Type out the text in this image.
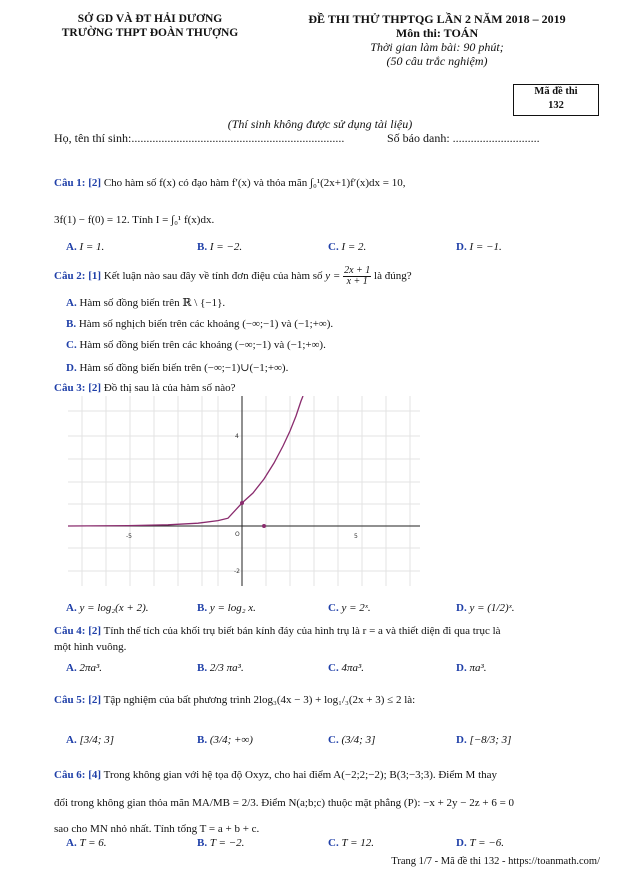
SỞ GD VÀ ĐT HẢI DƯƠNG
TRƯỜNG THPT ĐOÀN THƯỢNG
ĐỀ THI THỬ THPTQG LẦN 2 NĂM 2018 – 2019
Môn thi: TOÁN
Thời gian làm bài: 90 phút;
(50 câu trắc nghiệm)
Mã đề thi
132
(Thí sinh không được sử dụng tài liệu)
Họ, tên thí sinh:.......................................................................	Số báo danh: .............................
Câu 1: [2] Cho hàm số f(x) có đạo hàm f′(x) và thỏa mãn ∫₀¹(2x+1)f′(x)dx = 10,
3f(1) − f(0) = 12. Tính I = ∫₀¹ f(x)dx.
A. I = 1.	B. I = −2.	C. I = 2.	D. I = −1.
Câu 2: [1] Kết luận nào sau đây về tính đơn điệu của hàm số $y = \frac{2x + 1}{x + 1}$ là đúng?
A. Hàm số đồng biến trên ℝ \ {−1}.
B. Hàm số nghịch biến trên các khoảng (−∞;−1) và (−1;+∞).
C. Hàm số đồng biến trên các khoảng (−∞;−1) và (−1;+∞).
D. Hàm số đồng biến biến trên (−∞;−1)∪(−1;+∞).
Câu 3: [2] Đồ thị sau là của hàm số nào?
-5	5
4
-2
O
A. y = log₂(x + 2).	B. y = log₂ x.	C. y = 2ˣ.	D. y = (1/2)ˣ.
Câu 4: [2] Tính thể tích của khối trụ biết bán kính đáy của hình trụ là r = a và thiết diện đi qua trục là
một hình vuông.
A. 2πa³.	B. 2/3 πa³.	C. 4πa³.	D. πa³.
Câu 5: [2] Tập nghiệm của bất phương trình 2log₃(4x − 3) + log₁/₃(2x + 3) ≤ 2 là:
A. [3/4; 3]	B. (3/4; +∞)	C. (3/4; 3]	D. [−8/3; 3]
Câu 6: [4] Trong không gian với hệ tọa độ Oxyz, cho hai điểm A(−2;2;−2); B(3;−3;3). Điểm M thay
đổi trong không gian thỏa mãn MA/MB = 2/3. Điểm N(a;b;c) thuộc mặt phẳng (P): −x + 2y − 2z + 6 = 0
sao cho MN nhỏ nhất. Tính tổng T = a + b + c.
A. T = 6.	B. T = −2.	C. T = 12.	D. T = −6.
Trang 1/7 - Mã đề thi 132 - https://toanmath.com/
